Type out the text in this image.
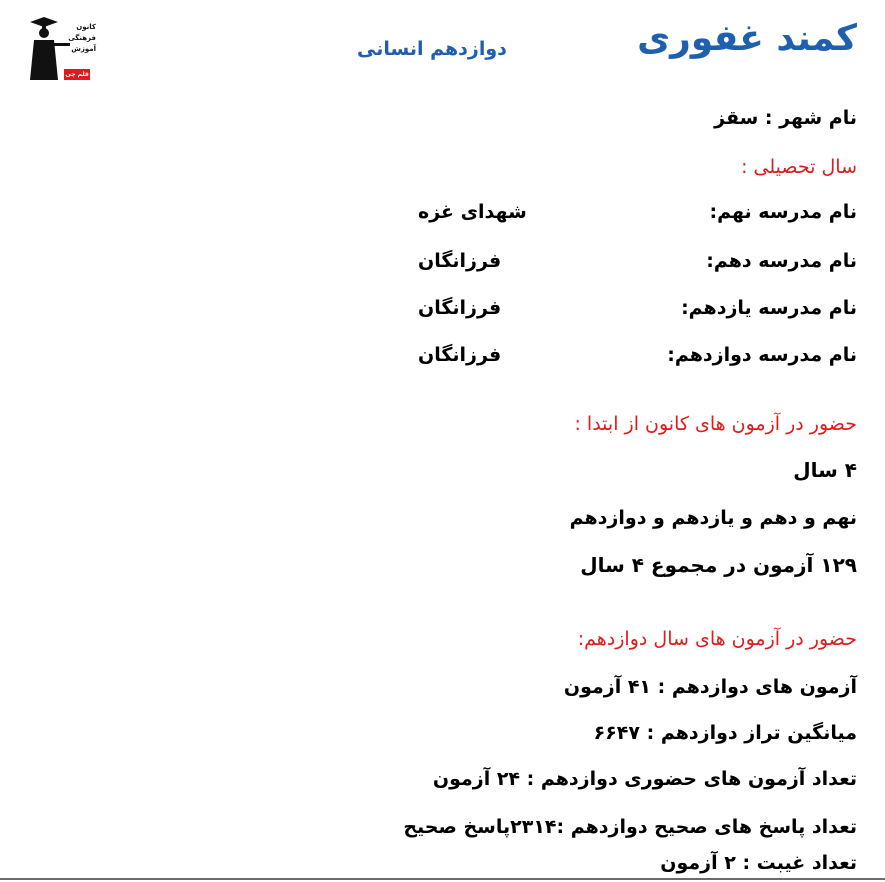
کانون
فرهنگی
آموزش
قلم چی
کمند غفوری
دوازدهم انسانی
نام شهر : سقز
سال تحصیلی :
نام مدرسه نهم:
شهدای غزه
نام مدرسه دهم:
فرزانگان
نام مدرسه یازدهم:
فرزانگان
نام مدرسه دوازدهم:
فرزانگان
حضور در آزمون های کانون از ابتدا :
۴ سال
نهم و دهم و یازدهم و دوازدهم
۱۲۹ آزمون در مجموع ۴ سال
حضور در آزمون های سال دوازدهم:
آزمون های دوازدهم : ۴۱ آزمون
میانگین تراز دوازدهم : ۶۶۴۷
تعداد آزمون های حضوری دوازدهم : ۲۴ آزمون
تعداد پاسخ های صحیح دوازدهم :۲۳۱۴پاسخ صحیح
تعداد غیبت : ۲ آزمون
